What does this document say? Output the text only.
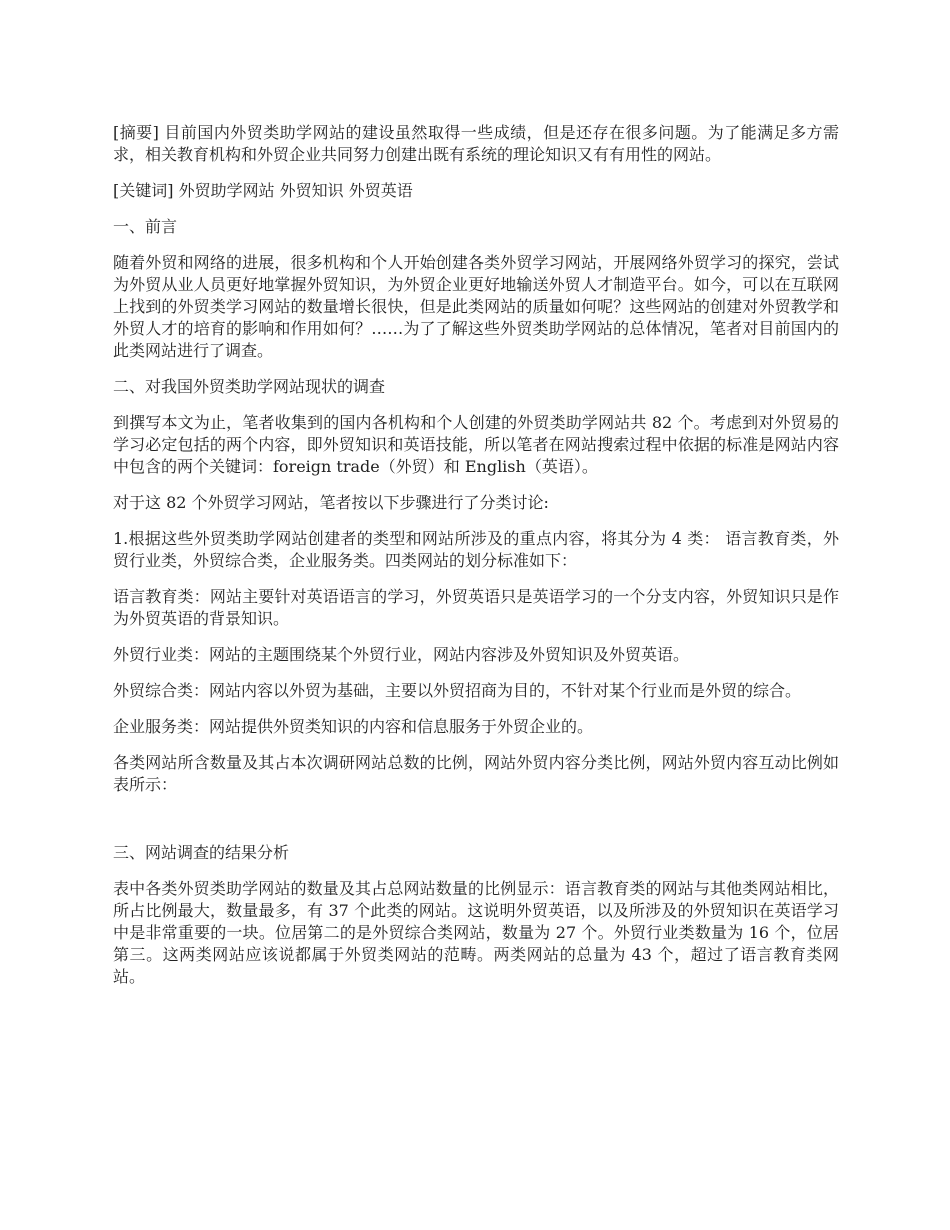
[摘要] 目前国内外贸类助学网站的建设虽然取得一些成绩，但是还存在很多问题。为了能满足多方需求，相关教育机构和外贸企业共同努力创建出既有系统的理论知识又有有用性的网站。

[关键词] 外贸助学网站 外贸知识 外贸英语

一、前言

随着外贸和网络的进展，很多机构和个人开始创建各类外贸学习网站，开展网络外贸学习的探究，尝试为外贸从业人员更好地掌握外贸知识，为外贸企业更好地输送外贸人才制造平台。如今，可以在互联网上找到的外贸类学习网站的数量增长很快，但是此类网站的质量如何呢？这些网站的创建对外贸教学和外贸人才的培育的影响和作用如何？……为了了解这些外贸类助学网站的总体情况，笔者对目前国内的此类网站进行了调查。

二、对我国外贸类助学网站现状的调查

到撰写本文为止，笔者收集到的国内各机构和个人创建的外贸类助学网站共 82 个。考虑到对外贸易的学习必定包括的两个内容，即外贸知识和英语技能，所以笔者在网站搜索过程中依据的标准是网站内容中包含的两个关键词：foreign trade（外贸）和 English（英语）。

对于这 82 个外贸学习网站，笔者按以下步骤进行了分类讨论:

1.根据这些外贸类助学网站创建者的类型和网站所涉及的重点内容，将其分为 4 类： 语言教育类，外贸行业类，外贸综合类，企业服务类。四类网站的划分标准如下：

语言教育类：网站主要针对英语语言的学习，外贸英语只是英语学习的一个分支内容，外贸知识只是作为外贸英语的背景知识。

外贸行业类：网站的主题围绕某个外贸行业，网站内容涉及外贸知识及外贸英语。

外贸综合类：网站内容以外贸为基础，主要以外贸招商为目的，不针对某个行业而是外贸的综合。

企业服务类：网站提供外贸类知识的内容和信息服务于外贸企业的。

各类网站所含数量及其占本次调研网站总数的比例，网站外贸内容分类比例，网站外贸内容互动比例如表所示：

三、网站调查的结果分析

表中各类外贸类助学网站的数量及其占总网站数量的比例显示：语言教育类的网站与其他类网站相比，所占比例最大，数量最多，有 37 个此类的网站。这说明外贸英语，以及所涉及的外贸知识在英语学习中是非常重要的一块。位居第二的是外贸综合类网站，数量为 27 个。外贸行业类数量为 16 个，位居第三。这两类网站应该说都属于外贸类网站的范畴。两类网站的总量为 43 个，超过了语言教育类网站。
